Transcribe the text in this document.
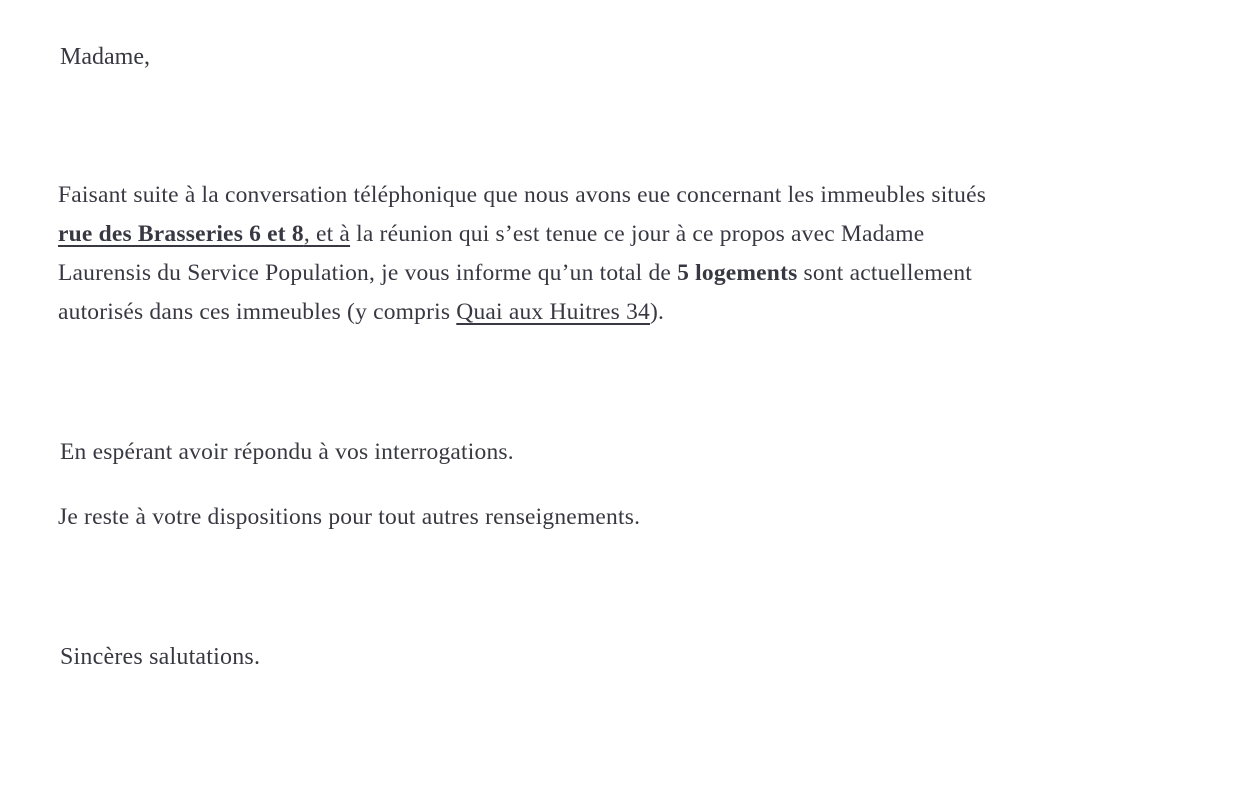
Madame,
Faisant suite à la conversation téléphonique que nous avons eue concernant les immeubles situés
rue des Brasseries 6 et 8, et à la réunion qui s’est tenue ce jour à ce propos avec Madame
Laurensis du Service Population, je vous informe qu’un total de 5 logements sont actuellement
autorisés dans ces immeubles (y compris Quai aux Huitres 34).
En espérant avoir répondu à vos interrogations.
Je reste à votre dispositions pour tout autres renseignements.
Sincères salutations.
